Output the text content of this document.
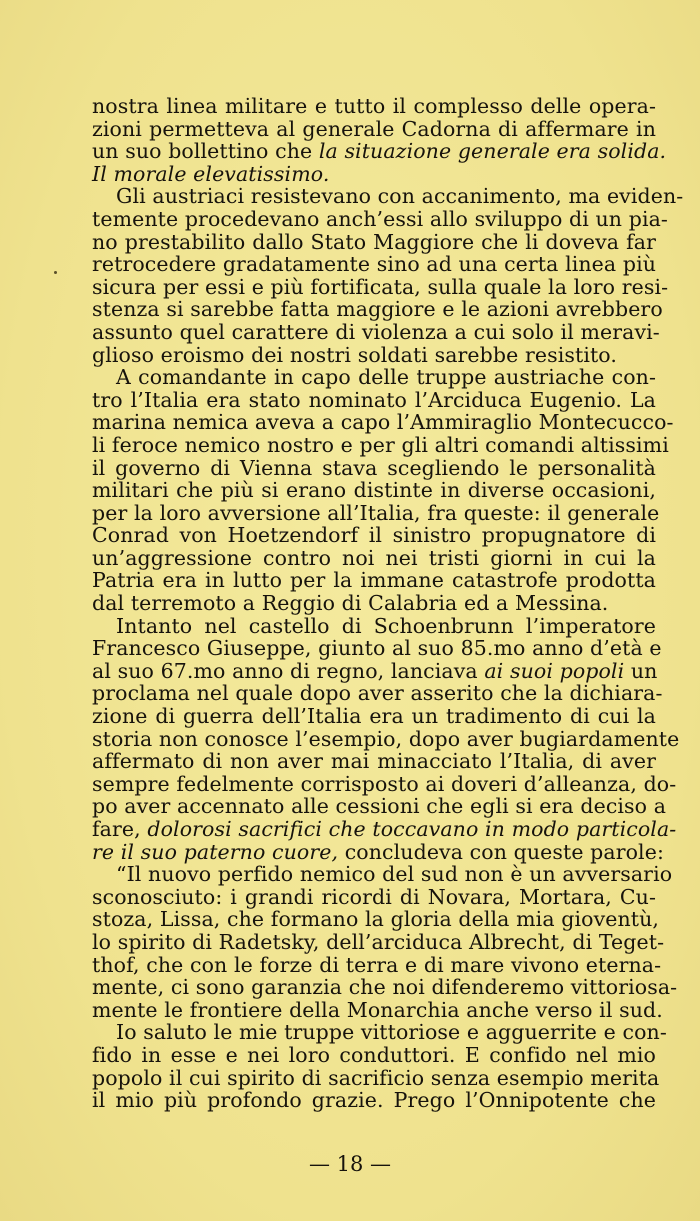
nostra linea militare e tutto il complesso delle opera-
zioni permetteva al generale Cadorna di affermare in
un suo bollettino che la situazione generale era solida.
Il morale elevatissimo.
Gli austriaci resistevano con accanimento, ma eviden-
temente procedevano anch’essi allo sviluppo di un pia-
no prestabilito dallo Stato Maggiore che li doveva far
retrocedere gradatamente sino ad una certa linea più
sicura per essi e più fortificata, sulla quale la loro resi-
stenza si sarebbe fatta maggiore e le azioni avrebbero
assunto quel carattere di violenza a cui solo il meravi-
glioso eroismo dei nostri soldati sarebbe resistito.
A comandante in capo delle truppe austriache con-
tro l’Italia era stato nominato l’Arciduca Eugenio. La
marina nemica aveva a capo l’Ammiraglio Montecucco-
li feroce nemico nostro e per gli altri comandi altissimi
il governo di Vienna stava scegliendo le personalità
militari che più si erano distinte in diverse occasioni,
per la loro avversione all’Italia, fra queste: il generale
Conrad von Hoetzendorf il sinistro propugnatore di
un’aggressione contro noi nei tristi giorni in cui la
Patria era in lutto per la immane catastrofe prodotta
dal terremoto a Reggio di Calabria ed a Messina.
Intanto nel castello di Schoenbrunn l’imperatore
Francesco Giuseppe, giunto al suo 85.mo anno d’età e
al suo 67.mo anno di regno, lanciava ai suoi popoli un
proclama nel quale dopo aver asserito che la dichiara-
zione di guerra dell’Italia era un tradimento di cui la
storia non conosce l’esempio, dopo aver bugiardamente
affermato di non aver mai minacciato l’Italia, di aver
sempre fedelmente corrisposto ai doveri d’alleanza, do-
po aver accennato alle cessioni che egli si era deciso a
fare, dolorosi sacrifici che toccavano in modo particola-
re il suo paterno cuore, concludeva con queste parole:
“Il nuovo perfido nemico del sud non è un avversario
sconosciuto: i grandi ricordi di Novara, Mortara, Cu-
stoza, Lissa, che formano la gloria della mia gioventù,
lo spirito di Radetsky, dell’arciduca Albrecht, di Teget-
thof, che con le forze di terra e di mare vivono eterna-
mente, ci sono garanzia che noi difenderemo vittoriosa-
mente le frontiere della Monarchia anche verso il sud.
Io saluto le mie truppe vittoriose e agguerrite e con-
fido in esse e nei loro conduttori. E confido nel mio
popolo il cui spirito di sacrificio senza esempio merita
il mio più profondo grazie. Prego l’Onnipotente che
— 18 —
